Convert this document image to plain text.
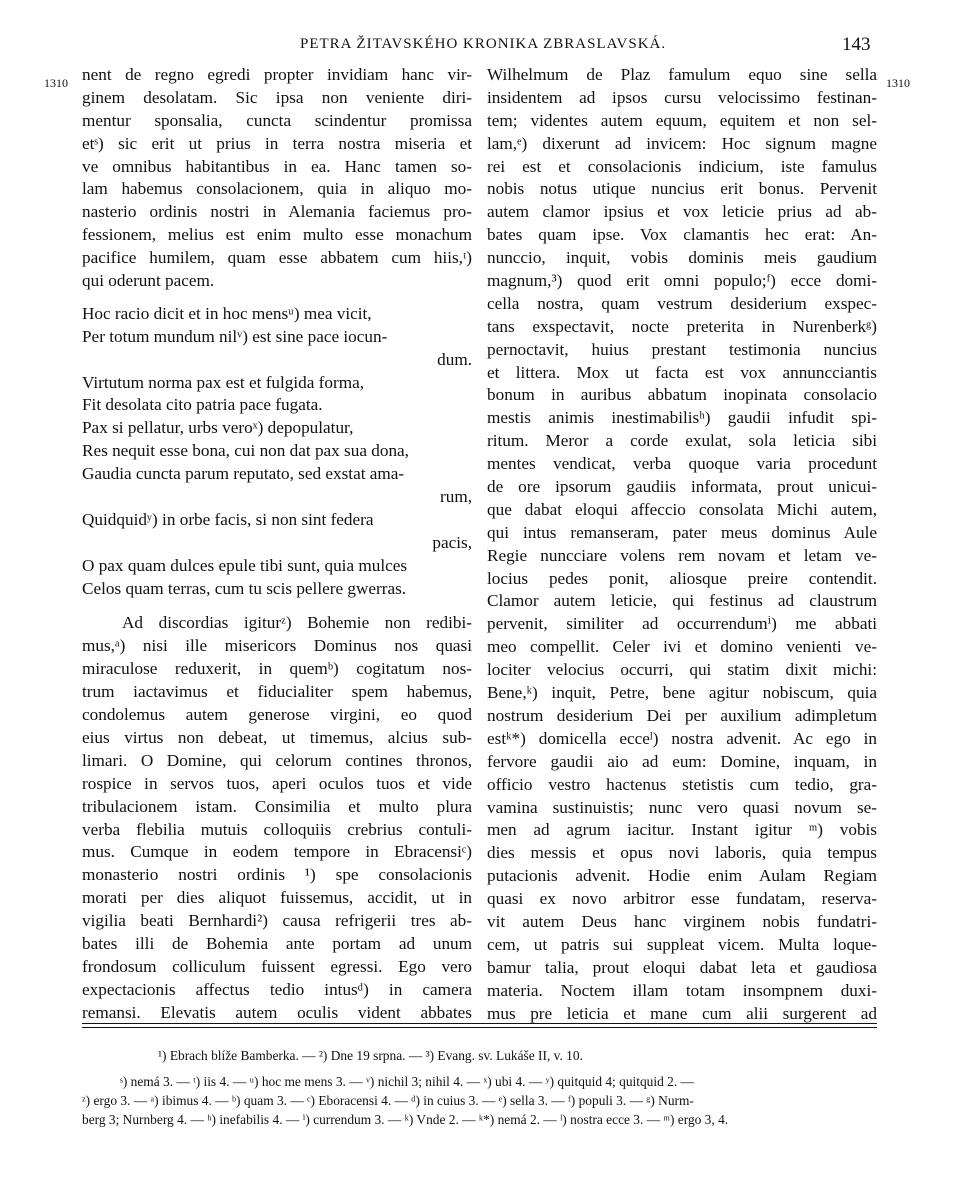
PETRA ŽITAVSKÉHO KRONIKA ZBRASLAVSKÁ.	143
1310	1310
nent de regno egredi propter invidiam hanc vir-
ginem desolatam. Sic ipsa non veniente diri-
mentur sponsalia, cuncta scindentur promissa
etˢ) sic erit ut prius in terra nostra miseria et
ve omnibus habitantibus in ea. Hanc tamen so-
lam habemus consolacionem, quia in aliquo mo-
nasterio ordinis nostri in Alemania faciemus pro-
fessionem, melius est enim multo esse monachum
pacifice humilem, quam esse abbatem cum hiis,ᵗ)
qui oderunt pacem.
Hoc racio dicit et in hoc mensᵘ) mea vicit,
Per totum mundum nilᵛ) est sine pace iocun-
dum.
Virtutum norma pax est et fulgida forma,
Fit desolata cito patria pace fugata.
Pax si pellatur, urbs veroˣ) depopulatur,
Res nequit esse bona, cui non dat pax sua dona,
Gaudia cuncta parum reputato, sed exstat ama-
rum,
Quidquidʸ) in orbe facis, si non sint federa
pacis,
O pax quam dulces epule tibi sunt, quia mulces
Celos quam terras, cum tu scis pellere gwerras.
Ad discordias igiturᶻ) Bohemie non redibi-
mus,ᵃ) nisi ille misericors Dominus nos quasi
miraculose reduxerit, in quemᵇ) cogitatum nos-
trum iactavimus et fiducialiter spem habemus,
condolemus autem generose virgini, eo quod
eius virtus non debeat, ut timemus, alcius sub-
limari. O Domine, qui celorum contines thronos,
rospice in servos tuos, aperi oculos tuos et vide
tribulacionem istam. Consimilia et multo plura
verba flebilia mutuis colloquiis crebrius contuli-
mus. Cumque in eodem tempore in Ebracensiᶜ)
monasterio nostri ordinis ¹) spe consolacionis
morati per dies aliquot fuissemus, accidit, ut in
vigilia beati Bernhardi²) causa refrigerii tres ab-
bates illi de Bohemia ante portam ad unum
frondosum colliculum fuissent egressi. Ego vero
expectacionis affectus tedio intusᵈ) in camera
remansi. Elevatis autem oculis vident abbates
Wilhelmum de Plaz famulum equo sine sella
insidentem ad ipsos cursu velocissimo festinan-
tem; videntes autem equum, equitem et non sel-
lam,ᵉ) dixerunt ad invicem: Hoc signum magne
rei est et consolacionis indicium, iste famulus
nobis notus utique nuncius erit bonus. Pervenit
autem clamor ipsius et vox leticie prius ad ab-
bates quam ipse. Vox clamantis hec erat: An-
nunccio, inquit, vobis dominis meis gaudium
magnum,³) quod erit omni populo;ᶠ) ecce domi-
cella nostra, quam vestrum desiderium exspec-
tans exspectavit, nocte preterita in Nurenberkᵍ)
pernoctavit, huius prestant testimonia nuncius
et littera. Mox ut facta est vox annuncciantis
bonum in auribus abbatum inopinata consolacio
mestis animis inestimabilisʰ) gaudii infudit spi-
ritum. Meror a corde exulat, sola leticia sibi
mentes vendicat, verba quoque varia procedunt
de ore ipsorum gaudiis informata, prout unicui-
que dabat eloqui affeccio consolata Michi autem,
qui intus remanseram, pater meus dominus Aule
Regie nuncciare volens rem novam et letam ve-
locius pedes ponit, aliosque preire contendit.
Clamor autem leticie, qui festinus ad claustrum
pervenit, similiter ad occurrendumⁱ) me abbati
meo compellit. Celer ivi et domino venienti ve-
lociter velocius occurri, qui statim dixit michi:
Bene,ᵏ) inquit, Petre, bene agitur nobiscum, quia
nostrum desiderium Dei per auxilium adimpletum
estᵏ*) domicella ecceˡ) nostra advenit. Ac ego in
fervore gaudii aio ad eum: Domine, inquam, in
officio vestro hactenus stetistis cum tedio, gra-
vamina sustinuistis; nunc vero quasi novum se-
men ad agrum iacitur. Instant igitur ᵐ) vobis
dies messis et opus novi laboris, quia tempus
putacionis advenit. Hodie enim Aulam Regiam
quasi ex novo arbitror esse fundatam, reserva-
vit autem Deus hanc virginem nobis fundatri-
cem, ut patris sui suppleat vicem. Multa loque-
bamur talia, prout eloqui dabat leta et gaudiosa
materia. Noctem illam totam insompnem duxi-
mus pre leticia et mane cum alii surgerent ad
¹) Ebrach blíže Bamberka. — ²) Dne 19 srpna. — ³) Evang. sv. Lukáše II, v. 10.
ˢ) nemá 3. — ᵗ) iis 4. — ᵘ) hoc me mens 3. — ᵛ) nichil 3; nihil 4. — ˣ) ubi 4. — ʸ) quitquid 4; quitquid 2. —
ᶻ) ergo 3. — ᵃ) ibimus 4. — ᵇ) quam 3. — ᶜ) Eboracensi 4. — ᵈ) in cuius 3. — ᵉ) sella 3. — ᶠ) populi 3. — ᵍ) Nurm-
berg 3; Nurnberg 4. — ʰ) inefabilis 4. — ⁱ) currendum 3. — ᵏ) Vnde 2. — ᵏ*) nemá 2. — ˡ) nostra ecce 3. — ᵐ) ergo 3, 4.
